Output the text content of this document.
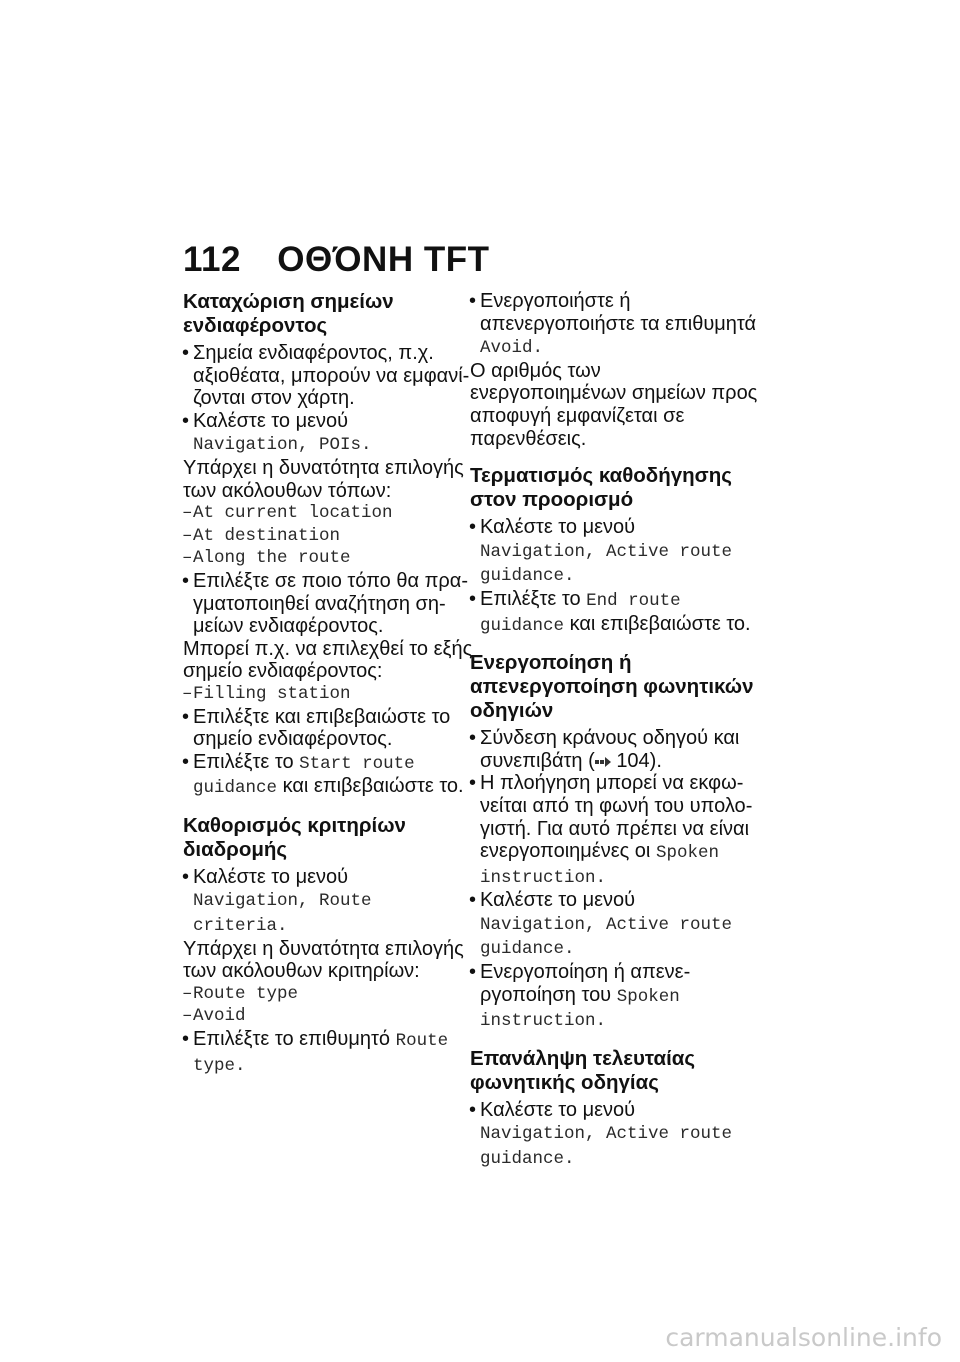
112 ΟΘΌΝΗ TFT
Καταχώριση σημείων ενδιαφέροντος

• Σημεία ενδιαφέροντος, π.χ. αξιοθέατα, μπορούν να εμφανίζονται στον χάρτη.

• Καλέστε το μενού
Navigation, POIs.

Υπάρχει η δυνατότητα επιλογής των ακόλουθων τόπων:

– At current location

– At destination

– Along the route

• Επιλέξτε σε ποιο τόπο θα πραγματοποιηθεί αναζήτηση σημείων ενδιαφέροντος.

Μπορεί π.χ. να επιλεχθεί το εξής σημείο ενδιαφέροντος:

– Filling station

• Επιλέξτε και επιβεβαιώστε το σημείο ενδιαφέροντος.

• Επιλέξτε το Start route guidance και επιβεβαιώστε το.

Καθορισμός κριτηρίων διαδρομής

• Καλέστε το μενού
Navigation, Route criteria.

Υπάρχει η δυνατότητα επιλογής των ακόλουθων κριτηρίων:

– Route type

– Avoid

• Επιλέξτε το επιθυμητό Route type.

• Ενεργοποιήστε ή απενεργοποιήστε τα επιθυμητά Avoid.

Ο αριθμός των ενεργοποιημένων σημείων προς αποφυγή εμφανίζεται σε παρενθέσεις.

Τερματισμός καθοδήγησης στον προορισμό

• Καλέστε το μενού
Navigation, Active route guidance.

• Επιλέξτε το End route guidance και επιβεβαιώστε το.

Ενεργοποίηση ή απενεργοποίηση φωνητικών οδηγιών

• Σύνδεση κράνους οδηγού και συνεπιβάτη ( 104).

• Η πλοήγηση μπορεί να εκφωνείται από τη φωνή του υπολογιστή. Για αυτό πρέπει να είναι ενεργοποιημένες οι Spoken instruction.

• Καλέστε το μενού
Navigation, Active route guidance.

• Ενεργοποίηση ή απενεργοποίηση του Spoken instruction.

Επανάληψη τελευταίας φωνητικής οδηγίας

• Καλέστε το μενού
Navigation, Active route guidance.

carmanualsonline.info
